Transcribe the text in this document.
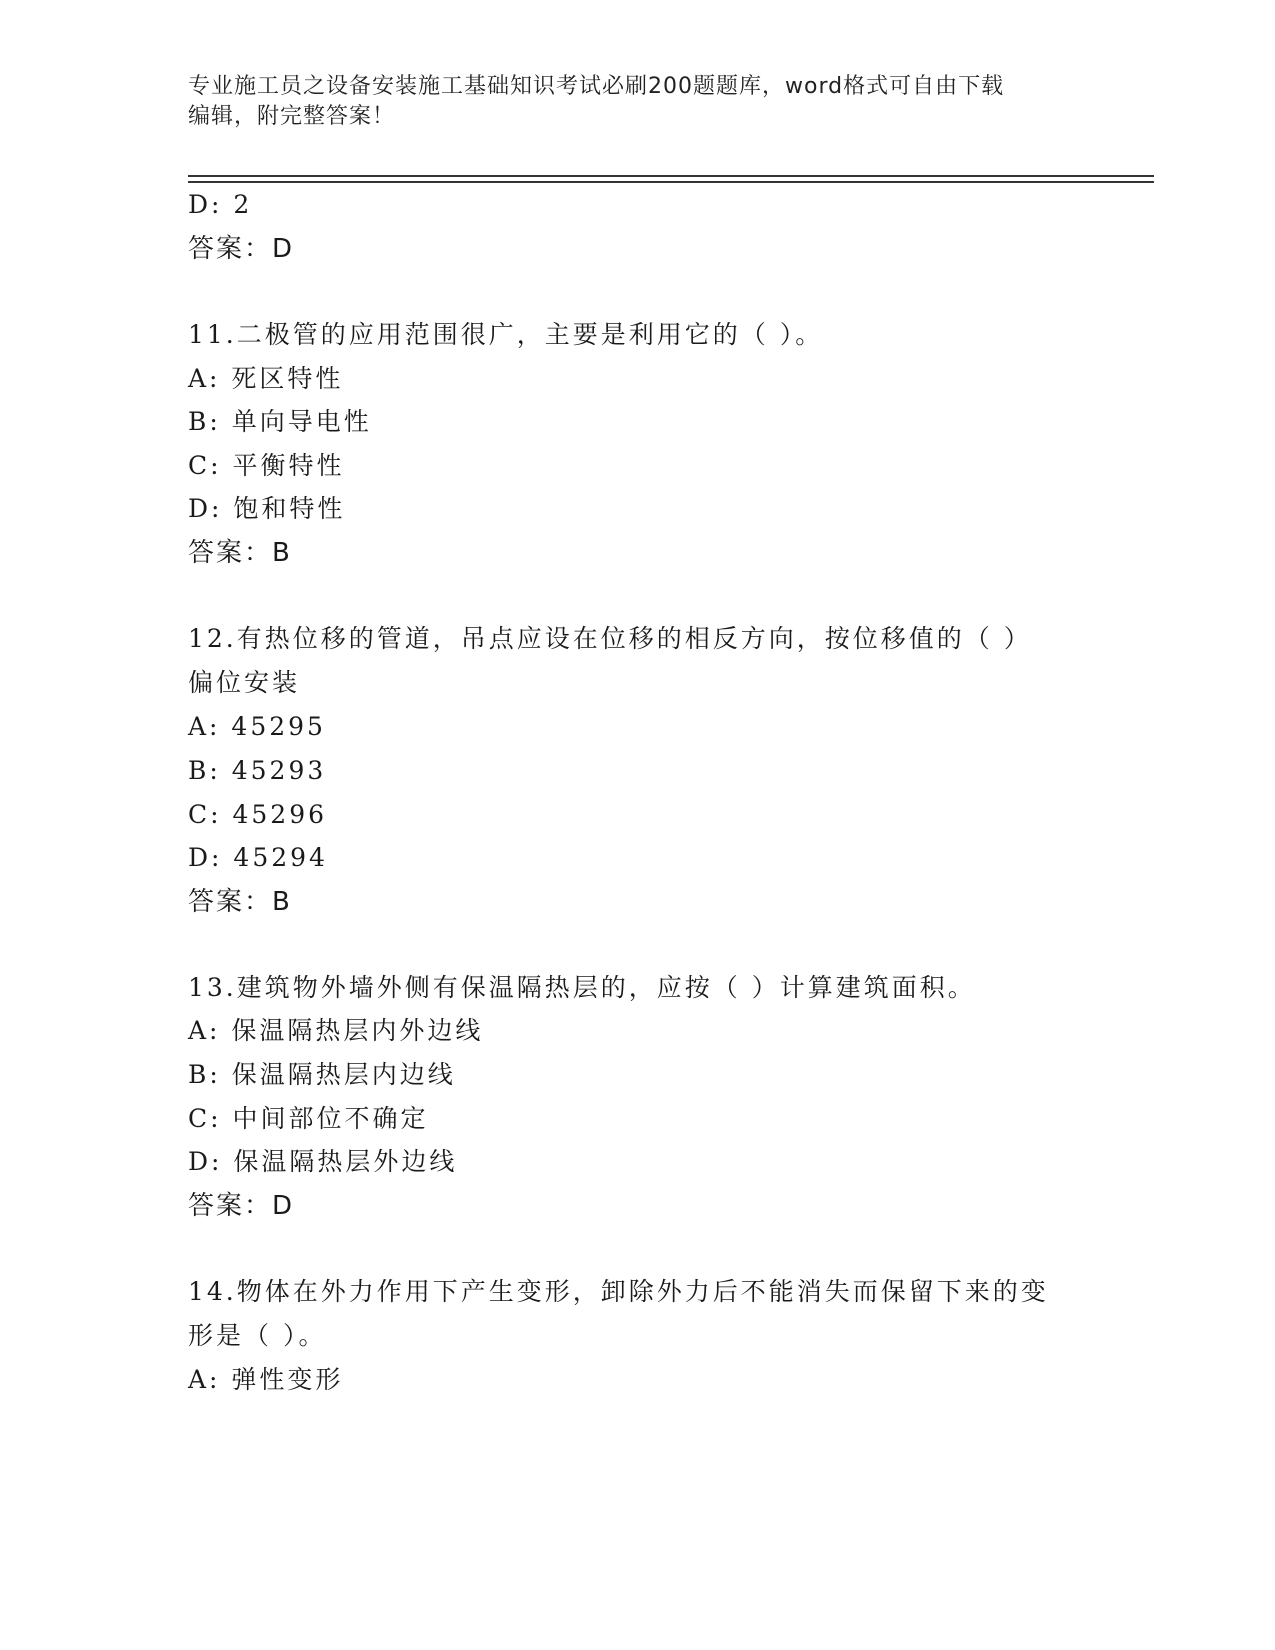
专业施工员之设备安装施工基础知识考试必刷200题题库，word格式可自由下载
编辑，附完整答案！
D: 2
答案：D
11.二极管的应用范围很广，主要是利用它的（ ）。
A: 死区特性
B: 单向导电性
C: 平衡特性
D: 饱和特性
答案：B
12.有热位移的管道，吊点应设在位移的相反方向，按位移值的（ ）
偏位安装
A: 45295
B: 45293
C: 45296
D: 45294
答案：B
13.建筑物外墙外侧有保温隔热层的，应按（ ）计算建筑面积。
A: 保温隔热层内外边线
B: 保温隔热层内边线
C: 中间部位不确定
D: 保温隔热层外边线
答案：D
14.物体在外力作用下产生变形，卸除外力后不能消失而保留下来的变
形是（ ）。
A: 弹性变形
